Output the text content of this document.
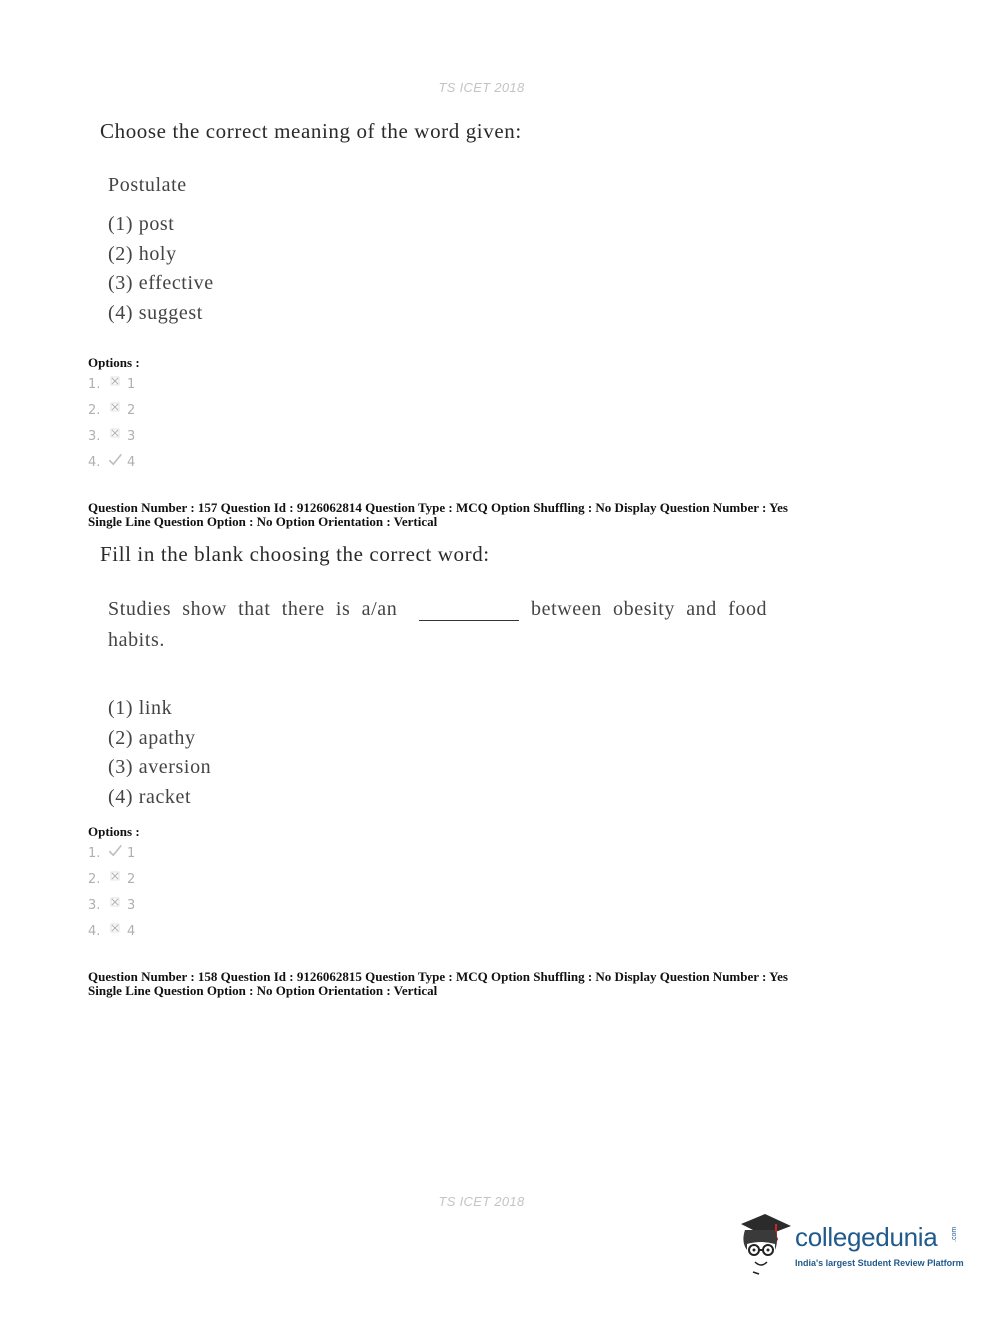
TS ICET 2018
Choose the correct meaning of the word given:
Postulate
(1) post
(2) holy
(3) effective
(4) suggest
Options :
1. 1
2. 2
3. 3
4. 4
Question Number : 157 Question Id : 9126062814 Question Type : MCQ Option Shuffling : No Display Question Number : Yes
Single Line Question Option : No Option Orientation : Vertical
Fill in the blank choosing the correct word:
Studies  show  that  there  is  a/an	between  obesity  and  food
habits.
(1) link
(2) apathy
(3) aversion
(4) racket
Options :
1. 1
2. 2
3. 3
4. 4
Question Number : 158 Question Id : 9126062815 Question Type : MCQ Option Shuffling : No Display Question Number : Yes
Single Line Question Option : No Option Orientation : Vertical
TS ICET 2018
collegedunia .com
India's largest Student Review Platform
